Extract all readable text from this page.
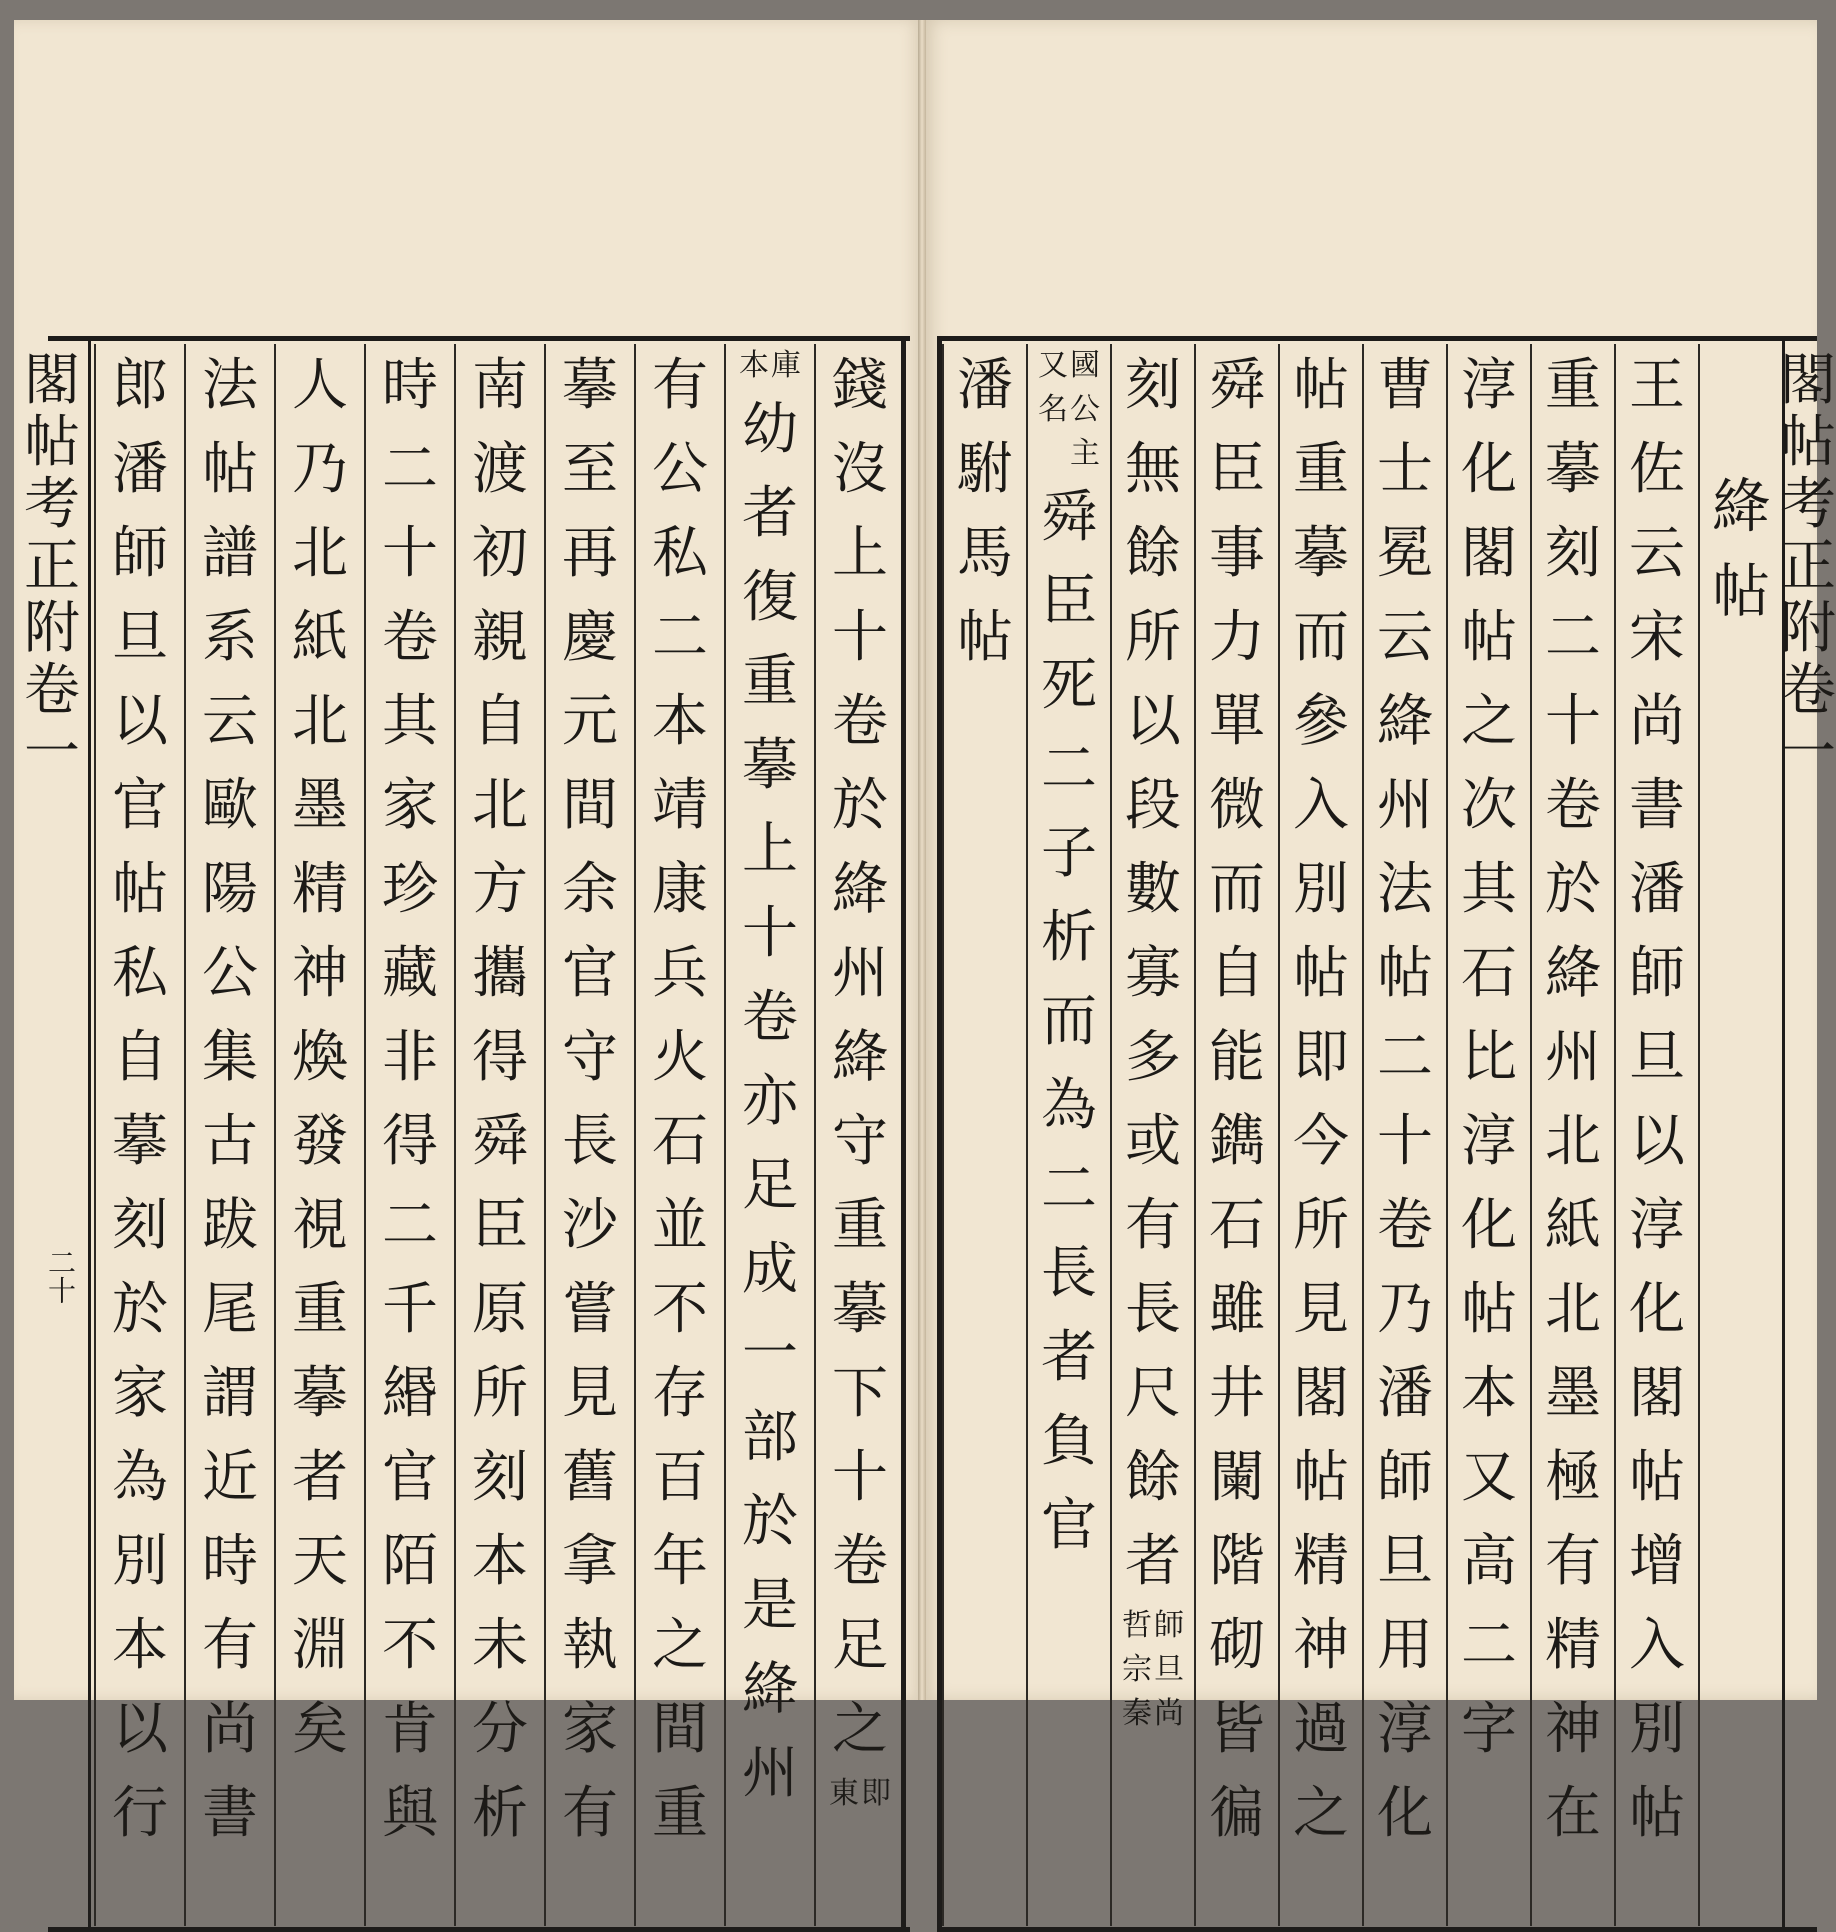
閣
帖
考
正
附
卷
一
二十
閣
帖
考
正
附
卷
一
錢
沒
上
十
卷
於
絳
州
絳
守
重
摹
下
十
卷
足
之
即
東
庫
本
幼
者
復
重
摹
上
十
卷
亦
足
成
一
部
於
是
絳
州
有
公
私
二
本
靖
康
兵
火
石
並
不
存
百
年
之
間
重
摹
至
再
慶
元
間
余
官
守
長
沙
嘗
見
舊
拿
執
家
有
南
渡
初
親
自
北
方
攜
得
舜
臣
原
所
刻
本
未
分
析
時
二
十
卷
其
家
珍
藏
非
得
二
千
緡
官
陌
不
肯
與
人
乃
北
紙
北
墨
精
神
煥
發
視
重
摹
者
天
淵
矣
法
帖
譜
系
云
歐
陽
公
集
古
跋
尾
謂
近
時
有
尚
書
郎
潘
師
旦
以
官
帖
私
自
摹
刻
於
家
為
別
本
以
行
絳
帖
王
佐
云
宋
尚
書
潘
師
旦
以
淳
化
閣
帖
增
入
別
帖
重
摹
刻
二
十
卷
於
絳
州
北
紙
北
墨
極
有
精
神
在
淳
化
閣
帖
之
次
其
石
比
淳
化
帖
本
又
高
二
字
曹
士
冕
云
絳
州
法
帖
二
十
卷
乃
潘
師
旦
用
淳
化
帖
重
摹
而
參
入
別
帖
即
今
所
見
閣
帖
精
神
過
之
舜
臣
事
力
單
微
而
自
能
鐫
石
雖
井
闌
階
砌
皆
徧
刻
無
餘
所
以
段
數
寡
多
或
有
長
尺
餘
者
師
旦
尚
哲
宗
秦
國
公
主
又
名
舜
臣
死
二
子
析
而
為
二
長
者
負
官
潘
駙
馬
帖
